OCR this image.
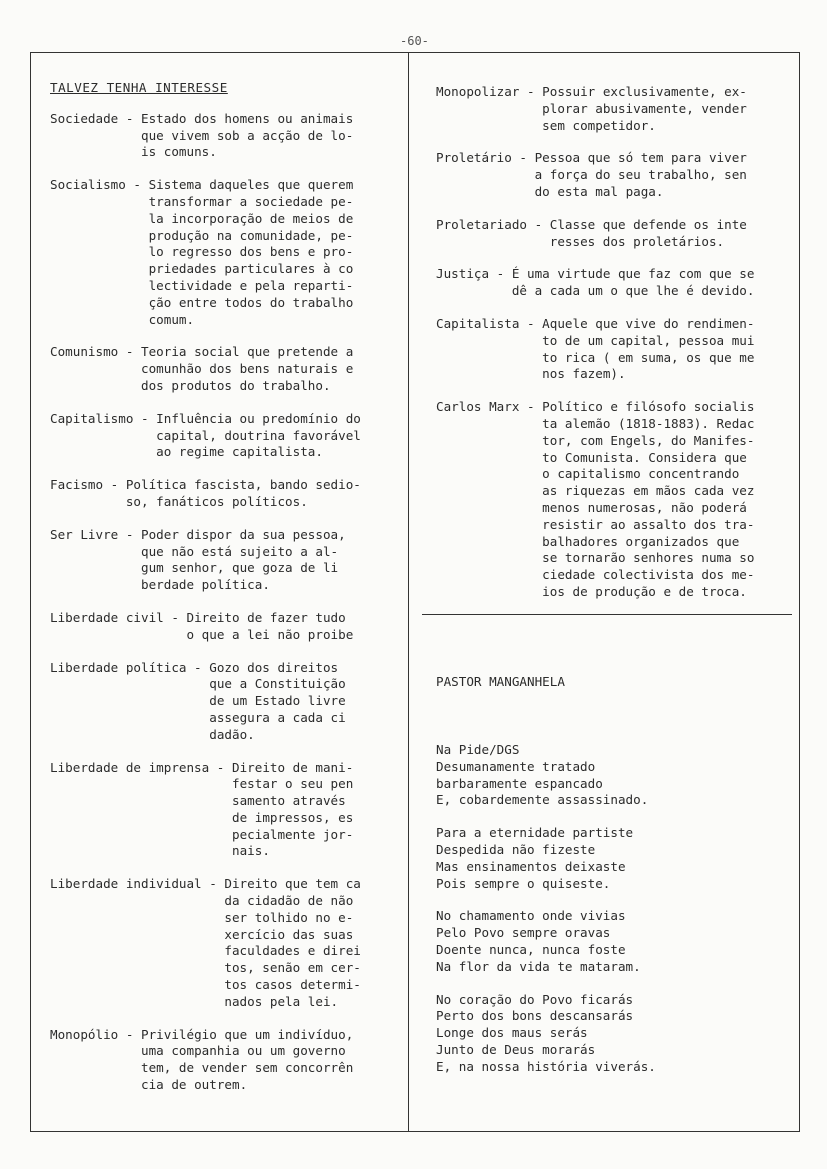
-60-
TALVEZ TENHA INTERESSE
Sociedade - Estado dos homens ou animais
que vivem sob a acção de lo-
is comuns.
Socialismo - Sistema daqueles que querem
transformar a sociedade pe-
la incorporação de meios de
produção na comunidade, pe-
lo regresso dos bens e pro-
priedades particulares à co
lectividade e pela reparti-
ção entre todos do trabalho
comum.
Comunismo - Teoria social que pretende a
comunhão dos bens naturais e
dos produtos do trabalho.
Capitalismo - Influência ou predomínio do
capital, doutrina favorável
ao regime capitalista.
Facismo - Política fascista, bando sedio-
so, fanáticos políticos.
Ser Livre - Poder dispor da sua pessoa,
que não está sujeito a al-
gum senhor, que goza de li
berdade política.
Liberdade civil - Direito de fazer tudo
o que a lei não proibe
Liberdade política - Gozo dos direitos
que a Constituição
de um Estado livre
assegura a cada ci
dadão.
Liberdade de imprensa - Direito de mani-
festar o seu pen
samento através
de impressos, es
pecialmente jor-
nais.
Liberdade individual - Direito que tem ca
da cidadão de não
ser tolhido no e-
xercício das suas
faculdades e direi
tos, senão em cer-
tos casos determi-
nados pela lei.
Monopólio - Privilégio que um indivíduo,
uma companhia ou um governo
tem, de vender sem concorrên
cia de outrem.
Monopolizar - Possuir exclusivamente, ex-
plorar abusivamente, vender
sem competidor.
Proletário - Pessoa que só tem para viver
a força do seu trabalho, sen
do esta mal paga.
Proletariado - Classe que defende os inte
resses dos proletários.
Justiça - É uma virtude que faz com que se
dê a cada um o que lhe é devido.
Capitalista - Aquele que vive do rendimen-
to de um capital, pessoa mui
to rica ( em suma, os que me
nos fazem).
Carlos Marx - Político e filósofo socialis
ta alemão (1818-1883). Redac
tor, com Engels, do Manifes-
to Comunista. Considera que
o capitalismo concentrando
as riquezas em mãos cada vez
menos numerosas, não poderá
resistir ao assalto dos tra-
balhadores organizados que
se tornarão senhores numa so
ciedade colectivista dos me-
ios de produção e de troca.

PASTOR MANGANHELA

Na Pide/DGS
Desumanamente tratado
barbaramente espancado
E, cobardemente assassinado.
Para a eternidade partiste
Despedida não fizeste
Mas ensinamentos deixaste
Pois sempre o quiseste.
No chamamento onde vivias
Pelo Povo sempre oravas
Doente nunca, nunca foste
Na flor da vida te mataram.
No coração do Povo ficarás
Perto dos bons descansarás
Longe dos maus serás
Junto de Deus morarás
E, na nossa história viverás.
